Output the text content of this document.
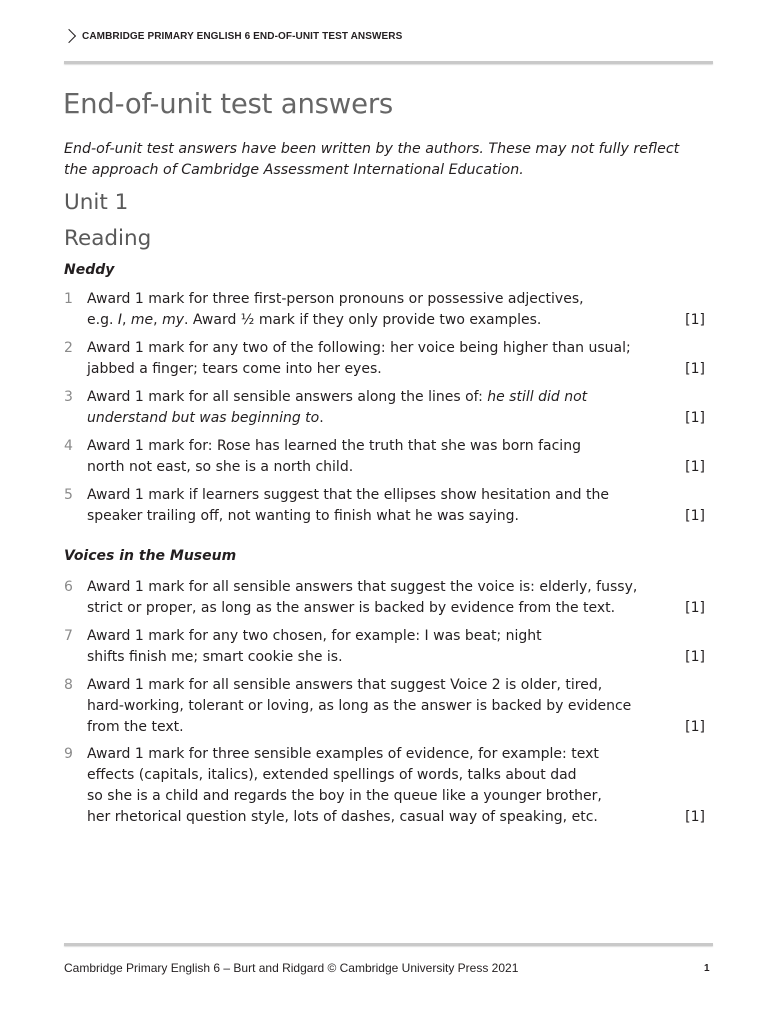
CAMBRIDGE PRIMARY ENGLISH 6 END-OF-UNIT TEST ANSWERS
End-of-unit test answers
End-of-unit test answers have been written by the authors. These may not fully reflect
the approach of Cambridge Assessment International Education.
Unit 1
Reading
Neddy
1 Award 1 mark for three first-person pronouns or possessive adjectives,
e.g. I, me, my. Award ½ mark if they only provide two examples.	[1]
2 Award 1 mark for any two of the following: her voice being higher than usual;
jabbed a finger; tears come into her eyes.	[1]
3 Award 1 mark for all sensible answers along the lines of: he still did not
understand but was beginning to.	[1]
4 Award 1 mark for: Rose has learned the truth that she was born facing
north not east, so she is a north child.	[1]
5 Award 1 mark if learners suggest that the ellipses show hesitation and the
speaker trailing off, not wanting to finish what he was saying.	[1]
Voices in the Museum
6 Award 1 mark for all sensible answers that suggest the voice is: elderly, fussy,
strict or proper, as long as the answer is backed by evidence from the text.	[1]
7 Award 1 mark for any two chosen, for example: I was beat; night
shifts finish me; smart cookie she is.	[1]
8 Award 1 mark for all sensible answers that suggest Voice 2 is older, tired,
hard-working, tolerant or loving, as long as the answer is backed by evidence
from the text.	[1]
9 Award 1 mark for three sensible examples of evidence, for example: text
effects (capitals, italics), extended spellings of words, talks about dad
so she is a child and regards the boy in the queue like a younger brother,
her rhetorical question style, lots of dashes, casual way of speaking, etc.	[1]
Cambridge Primary English 6 – Burt and Ridgard © Cambridge University Press 2021	1
